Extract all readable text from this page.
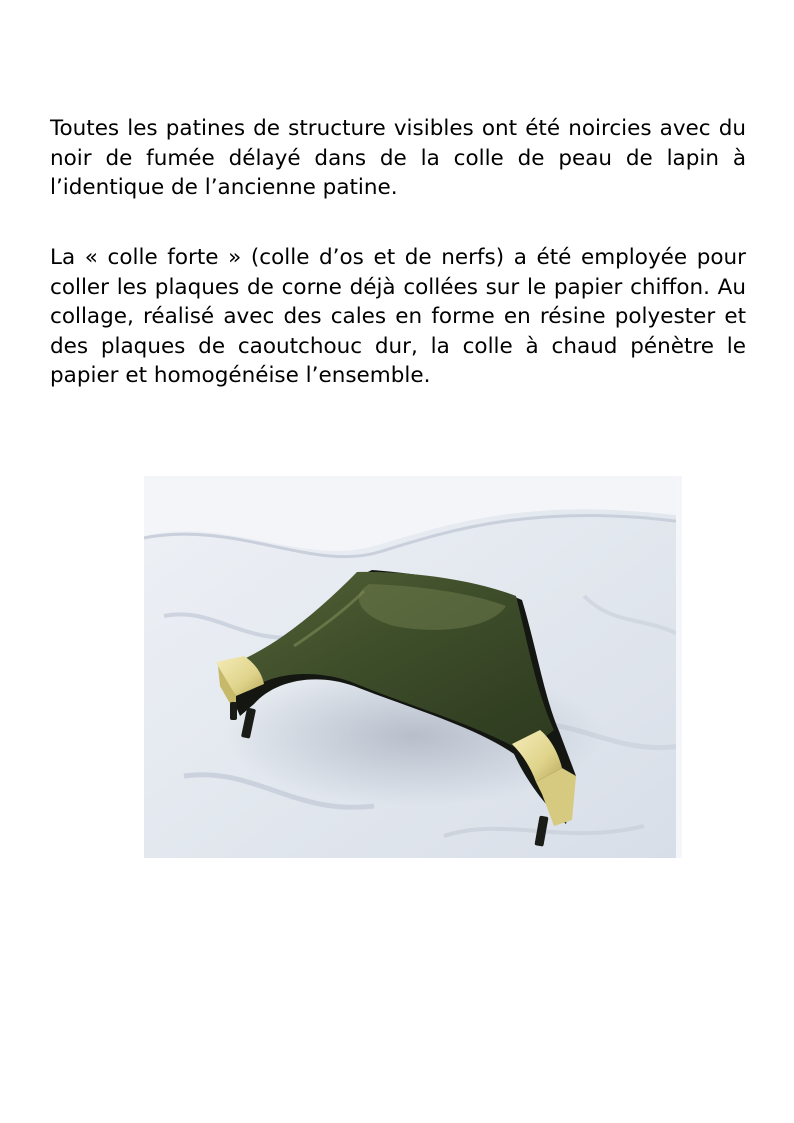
Toutes les patines de structure visibles ont été noircies avec du noir de fumée délayé dans de la colle de peau de lapin à l’identique de l’ancienne patine.

La « colle forte » (colle d’os et de nerfs) a été employée pour coller les plaques de corne déjà collées sur le papier chiffon. Au collage, réalisé avec des cales en forme en résine polyester et des plaques de caoutchouc dur, la colle à chaud pénètre le papier et homogénéise l’ensemble.
